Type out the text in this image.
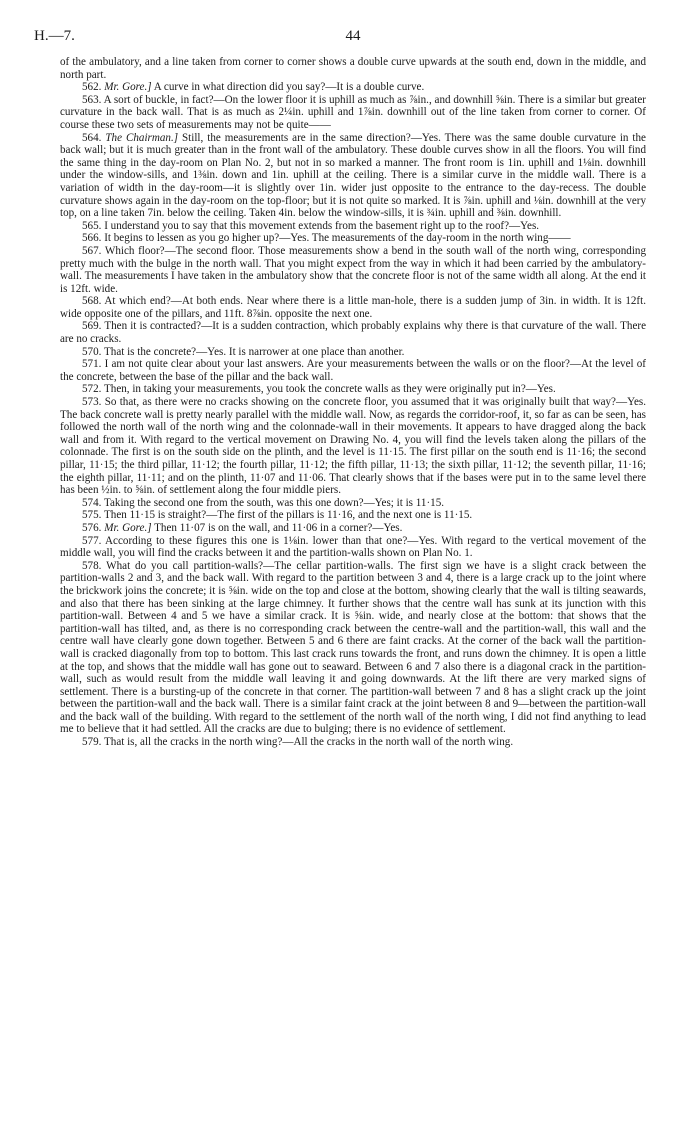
H.—7.	44

of the ambulatory, and a line taken from corner to corner shows a double curve upwards at the south end, down in the middle, and north part.

562. Mr. Gore.] A curve in what direction did you say?—It is a double curve.

563. A sort of buckle, in fact?—On the lower floor it is uphill as much as ⅞in., and downhill ⅝in. There is a similar but greater curvature in the back wall. That is as much as 2¼in. uphill and 1⅞in. downhill out of the line taken from corner to corner. Of course these two sets of measurements may not be quite——

564. The Chairman.] Still, the measurements are in the same direction?—Yes. There was the same double curvature in the back wall; but it is much greater than in the front wall of the ambulatory. These double curves show in all the floors. You will find the same thing in the day-room on Plan No. 2, but not in so marked a manner. The front room is 1in. uphill and 1⅛in. downhill under the window-sills, and 1⅜in. down and 1in. uphill at the ceiling. There is a similar curve in the middle wall. There is a variation of width in the day-room—it is slightly over 1in. wider just opposite to the entrance to the day-recess. The double curvature shows again in the day-room on the top-floor; but it is not quite so marked. It is ⅞in. uphill and ⅛in. downhill at the very top, on a line taken 7in. below the ceiling. Taken 4in. below the window-sills, it is ¾in. uphill and ⅜in. downhill.

565. I understand you to say that this movement extends from the basement right up to the roof?—Yes.

566. It begins to lessen as you go higher up?—Yes. The measurements of the day-room in the north wing——

567. Which floor?—The second floor. Those measurements show a bend in the south wall of the north wing, corresponding pretty much with the bulge in the north wall. That you might expect from the way in which it had been carried by the ambulatory-wall. The measurements I have taken in the ambulatory show that the concrete floor is not of the same width all along. At the end it is 12ft. wide.

568. At which end?—At both ends. Near where there is a little man-hole, there is a sudden jump of 3in. in width. It is 12ft. wide opposite one of the pillars, and 11ft. 8⅞in. opposite the next one.

569. Then it is contracted?—It is a sudden contraction, which probably explains why there is that curvature of the wall. There are no cracks.

570. That is the concrete?—Yes. It is narrower at one place than another.

571. I am not quite clear about your last answers. Are your measurements between the walls or on the floor?—At the level of the concrete, between the base of the pillar and the back wall.

572. Then, in taking your measurements, you took the concrete walls as they were originally put in?—Yes.

573. So that, as there were no cracks showing on the concrete floor, you assumed that it was originally built that way?—Yes. The back concrete wall is pretty nearly parallel with the middle wall. Now, as regards the corridor-roof, it, so far as can be seen, has followed the north wall of the north wing and the colonnade-wall in their movements. It appears to have dragged along the back wall and from it. With regard to the vertical movement on Drawing No. 4, you will find the levels taken along the pillars of the colonnade. The first is on the south side on the plinth, and the level is 11·15. The first pillar on the south end is 11·16; the second pillar, 11·15; the third pillar, 11·12; the fourth pillar, 11·12; the fifth pillar, 11·13; the sixth pillar, 11·12; the seventh pillar, 11·16; the eighth pillar, 11·11; and on the plinth, 11·07 and 11·06. That clearly shows that if the bases were put in to the same level there has been ½in. to ⅝in. of settlement along the four middle piers.

574. Taking the second one from the south, was this one down?—Yes; it is 11·15.

575. Then 11·15 is straight?—The first of the pillars is 11·16, and the next one is 11·15.

576. Mr. Gore.] Then 11·07 is on the wall, and 11·06 in a corner?—Yes.

577. According to these figures this one is 1⅛in. lower than that one?—Yes. With regard to the vertical movement of the middle wall, you will find the cracks between it and the partition-walls shown on Plan No. 1.

578. What do you call partition-walls?—The cellar partition-walls. The first sign we have is a slight crack between the partition-walls 2 and 3, and the back wall. With regard to the partition between 3 and 4, there is a large crack up to the joint where the brickwork joins the concrete; it is ⅝in. wide on the top and close at the bottom, showing clearly that the wall is tilting seawards, and also that there has been sinking at the large chimney. It further shows that the centre wall has sunk at its junction with this partition-wall. Between 4 and 5 we have a similar crack. It is ⅝in. wide, and nearly close at the bottom: that shows that the partition-wall has tilted, and, as there is no corresponding crack between the centre-wall and the partition-wall, this wall and the centre wall have clearly gone down together. Between 5 and 6 there are faint cracks. At the corner of the back wall the partition-wall is cracked diagonally from top to bottom. This last crack runs towards the front, and runs down the chimney. It is open a little at the top, and shows that the middle wall has gone out to seaward. Between 6 and 7 also there is a diagonal crack in the partition-wall, such as would result from the middle wall leaving it and going downwards. At the lift there are very marked signs of settlement. There is a bursting-up of the concrete in that corner. The partition-wall between 7 and 8 has a slight crack up the joint between the partition-wall and the back wall. There is a similar faint crack at the joint between 8 and 9—between the partition-wall and the back wall of the building. With regard to the settlement of the north wall of the north wing, I did not find anything to lead me to believe that it had settled. All the cracks are due to bulging; there is no evidence of settlement.

579. That is, all the cracks in the north wing?—All the cracks in the north wall of the north wing.
